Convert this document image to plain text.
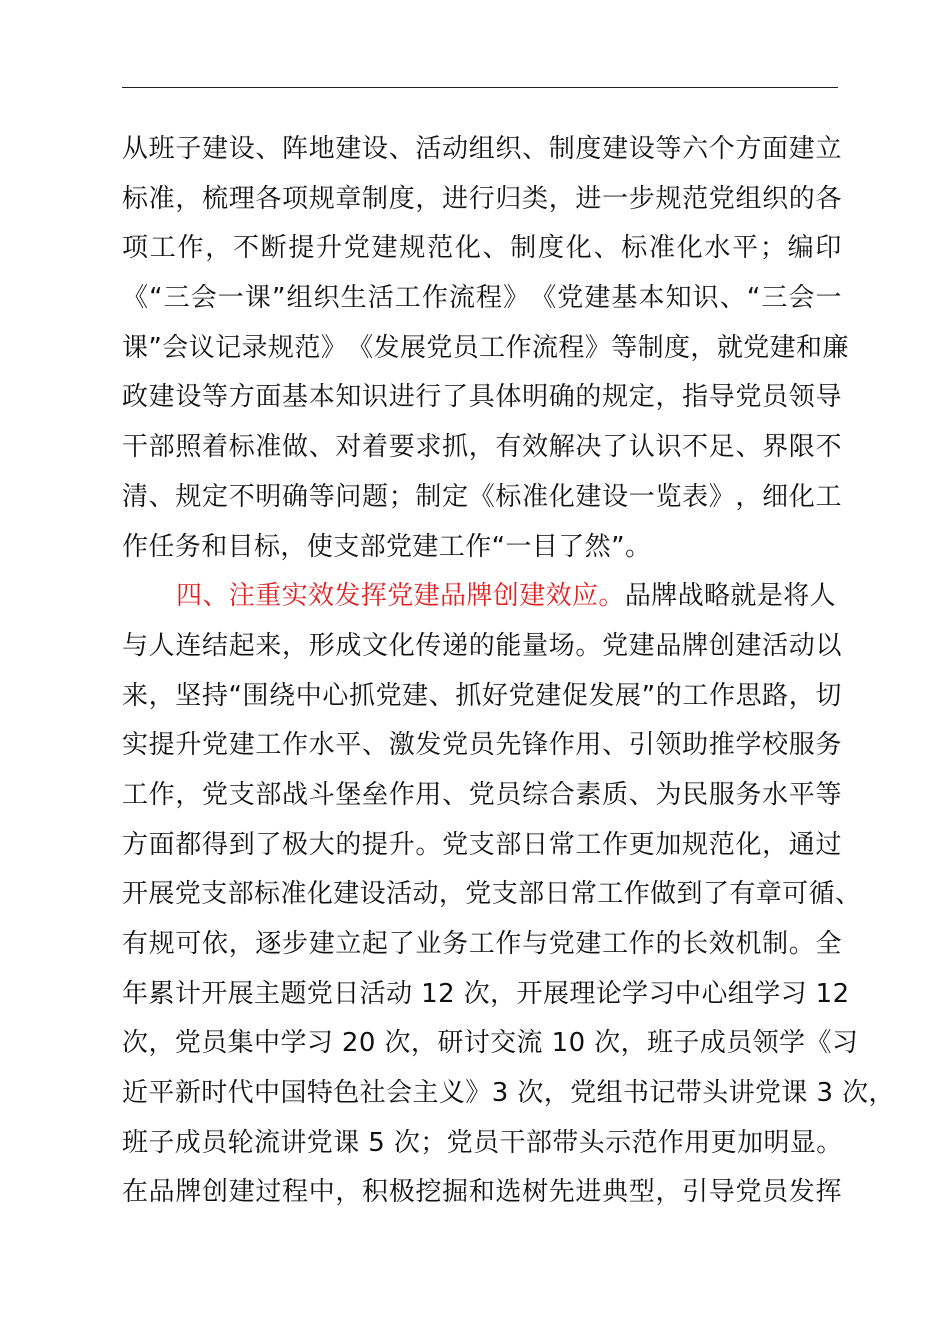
从 班 子 建 设 、 阵 地 建 设 、 活 动 组 织 、 制 度 建 设 等 六 个 方 面 建 立
标 准 ， 梳 理 各 项 规 章 制 度 ， 进 行 归 类 ， 进 一 步 规 范 党 组 织 的 各
项 工 作 ， 不 断 提 升 党 建 规 范 化 、 制 度 化 、 标 准 化 水 平 ； 编 印
《 “ 三 会 一 课 ” 组 织 生 活 工 作 流 程 》 《 党 建 基 本 知 识 、 “ 三 会 一
课 ” 会 议 记 录 规 范 》 《 发 展 党 员 工 作 流 程 》 等 制 度 ， 就 党 建 和 廉
政 建 设 等 方 面 基 本 知 识 进 行 了 具 体 明 确 的 规 定 ， 指 导 党 员 领 导
干 部 照 着 标 准 做 、 对 着 要 求 抓 ， 有 效 解 决 了 认 识 不 足 、 界 限 不
清 、 规 定 不 明 确 等 问 题 ； 制 定 《 标 准 化 建 设 一 览 表 》 ， 细 化 工
作任务和目标，使支部党建工作“一目了然”。
四、注重实效发挥党建品牌创建效应。品牌战略就是将人
与 人 连 结 起 来 ， 形 成 文 化 传 递 的 能 量 场 。 党 建 品 牌 创 建 活 动 以
来 ， 坚 持 “ 围 绕 中 心 抓 党 建 、 抓 好 党 建 促 发 展 ” 的 工 作 思 路 ， 切
实 提 升 党 建 工 作 水 平 、 激 发 党 员 先 锋 作 用 、 引 领 助 推 学 校 服 务
工 作 ， 党 支 部 战 斗 堡 垒 作 用 、 党 员 综 合 素 质 、 为 民 服 务 水 平 等
方 面 都 得 到 了 极 大 的 提 升 。 党 支 部 日 常 工 作 更 加 规 范 化 ， 通 过
开 展 党 支 部 标 准 化 建 设 活 动 ， 党 支 部 日 常 工 作 做 到 了 有 章 可 循 、
有 规 可 依 ， 逐 步 建 立 起 了 业 务 工 作 与 党 建 工 作 的 长 效 机 制 。 全
年 累 计 开 展 主 题 党 日 活 动
1 2
次 ， 开 展 理 论 学 习 中 心 组 学 习
1 2
次 ， 党 员 集 中 学 习
2 0
次 ， 研 讨 交 流
1 0
次 ， 班 子 成 员 领 学 《 习
近 平 新 时 代 中 国 特 色 社 会 主 义 》 3
次 ， 党 组 书 记 带 头 讲 党 课
3
次 ，
班子成员轮流讲党课 5 次；党员干部带头示范作用更加明显。
在 品 牌 创 建 过 程 中 ， 积 极 挖 掘 和 选 树 先 进 典 型 ， 引 导 党 员 发 挥
